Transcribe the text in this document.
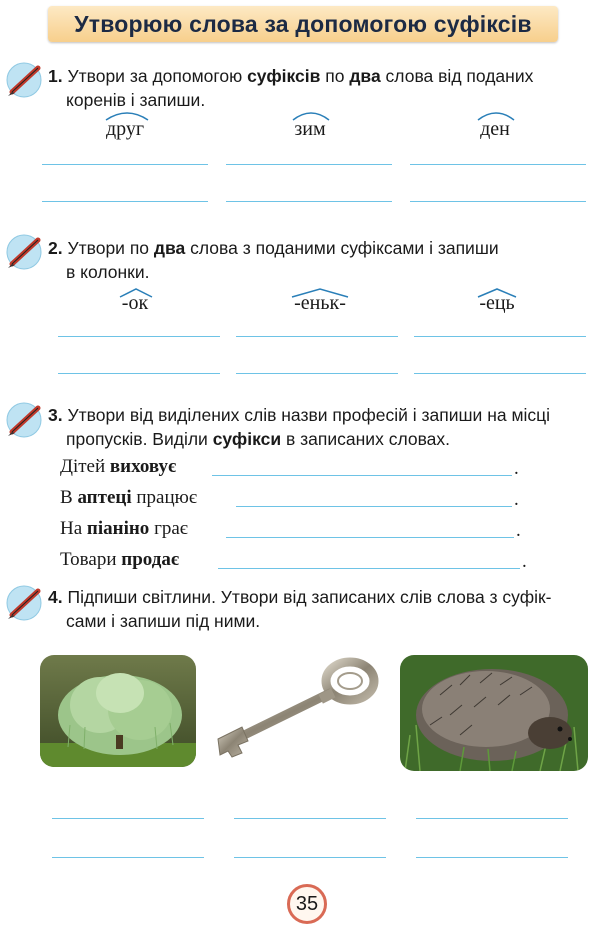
Утворюю слова за допомогою суфіксів
1. Утвори за допомогою суфіксів по два слова від поданих
коренів і запиши.
друг	зим	ден
2. Утвори по два слова з поданими суфіксами і запиши
в колонки.
-ок	-еньк-	-ець
3. Утвори від виділених слів назви професій і запиши на місці
пропусків. Виділи суфікси в записаних словах.
Дітей виховує	.
В аптеці працює	.
На піаніно грає	.
Товари продає	.
4. Підпиши світлини. Утвори від записаних слів слова з суфік-
сами і запиши під ними.
35
